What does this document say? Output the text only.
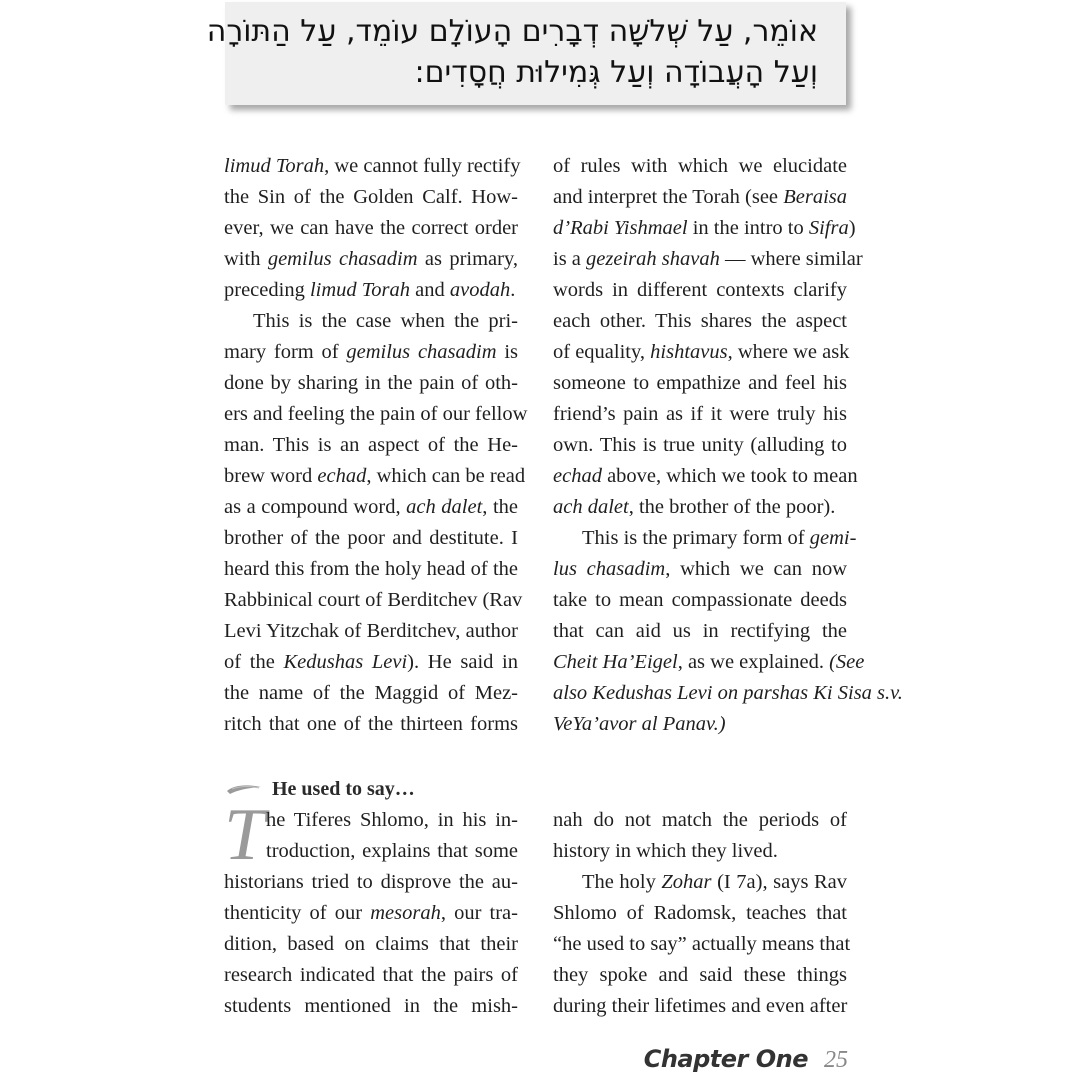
אוֹמֵר, עַל שְׁלשָׁה דְבָרִים הָעוֹלָם עוֹמֵד, עַל הַתּוֹרָה
וְעַל הָעֲבוֹדָה וְעַל גְּמִילוּת חֲסָדִים:
limud Torah, we cannot fully rectify
the Sin of the Golden Calf. How-
ever, we can have the correct order
with gemilus chasadim as primary,
preceding limud Torah and avodah.
This is the case when the pri-
mary form of gemilus chasadim is
done by sharing in the pain of oth-
ers and feeling the pain of our fellow
man. This is an aspect of the He-
brew word echad, which can be read
as a compound word, ach dalet, the
brother of the poor and destitute. I
heard this from the holy head of the
Rabbinical court of Berditchev (Rav
Levi Yitzchak of Berditchev, author
of the Kedushas Levi). He said in
the name of the Maggid of Mez-
ritch that one of the thirteen forms
of rules with which we elucidate
and interpret the Torah (see Beraisa
d’Rabi Yishmael in the intro to Sifra)
is a gezeirah shavah — where similar
words in different contexts clarify
each other. This shares the aspect
of equality, hishtavus, where we ask
someone to empathize and feel his
friend’s pain as if it were truly his
own. This is true unity (alluding to
echad above, which we took to mean
ach dalet, the brother of the poor).
This is the primary form of gemi-
lus chasadim, which we can now
take to mean compassionate deeds
that can aid us in rectifying the
Cheit Ha’Eigel, as we explained. (See
also Kedushas Levi on parshas Ki Sisa s.v.
VeYa’avor al Panav.)
He used to say…
T he Tiferes Shlomo, in his in-
troduction, explains that some
historians tried to disprove the au-
thenticity of our mesorah, our tra-
dition, based on claims that their
research indicated that the pairs of
students mentioned in the mish-
nah do not match the periods of
history in which they lived.
The holy Zohar (I 7a), says Rav
Shlomo of Radomsk, teaches that
“he used to say” actually means that
they spoke and said these things
during their lifetimes and even after
Chapter One 25
